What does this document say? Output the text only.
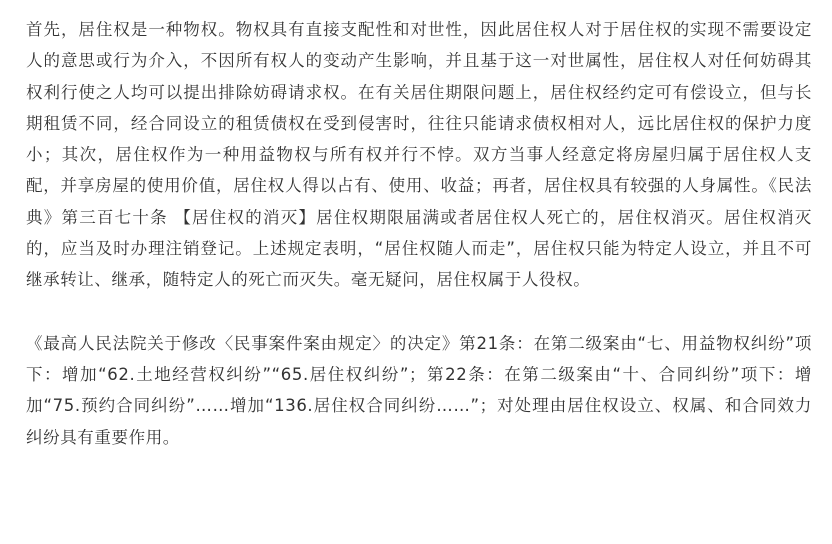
首先，居住权是一种物权。物权具有直接支配性和对世性，因此居住权人对于居住权的实现不需要设定人的意思或行为介入，不因所有权人的变动产生影响，并且基于这一对世属性，居住权人对任何妨碍其权利行使之人均可以提出排除妨碍请求权。在有关居住期限问题上，居住权经约定可有偿设立，但与长期租赁不同，经合同设立的租赁债权在受到侵害时，往往只能请求债权相对人，远比居住权的保护力度小；其次，居住权作为一种用益物权与所有权并行不悖。双方当事人经意定将房屋归属于居住权人支配，并享房屋的使用价值，居住权人得以占有、使用、收益；再者，居住权具有较强的人身属性。《民法典》第三百七十条 【居住权的消灭】居住权期限届满或者居住权人死亡的，居住权消灭。居住权消灭的，应当及时办理注销登记。上述规定表明，“居住权随人而走”，居住权只能为特定人设立，并且不可继承转让、继承，随特定人的死亡而灭失。毫无疑问，居住权属于人役权。

《最高人民法院关于修改〈民事案件案由规定〉的决定》第21条：在第二级案由“七、用益物权纠纷”项下：增加“62.土地经营权纠纷”“65.居住权纠纷”；第22条：在第二级案由“十、合同纠纷”项下：增加“75.预约合同纠纷”……增加“136.居住权合同纠纷……”；对处理由居住权设立、权属、和合同效力纠纷具有重要作用。
